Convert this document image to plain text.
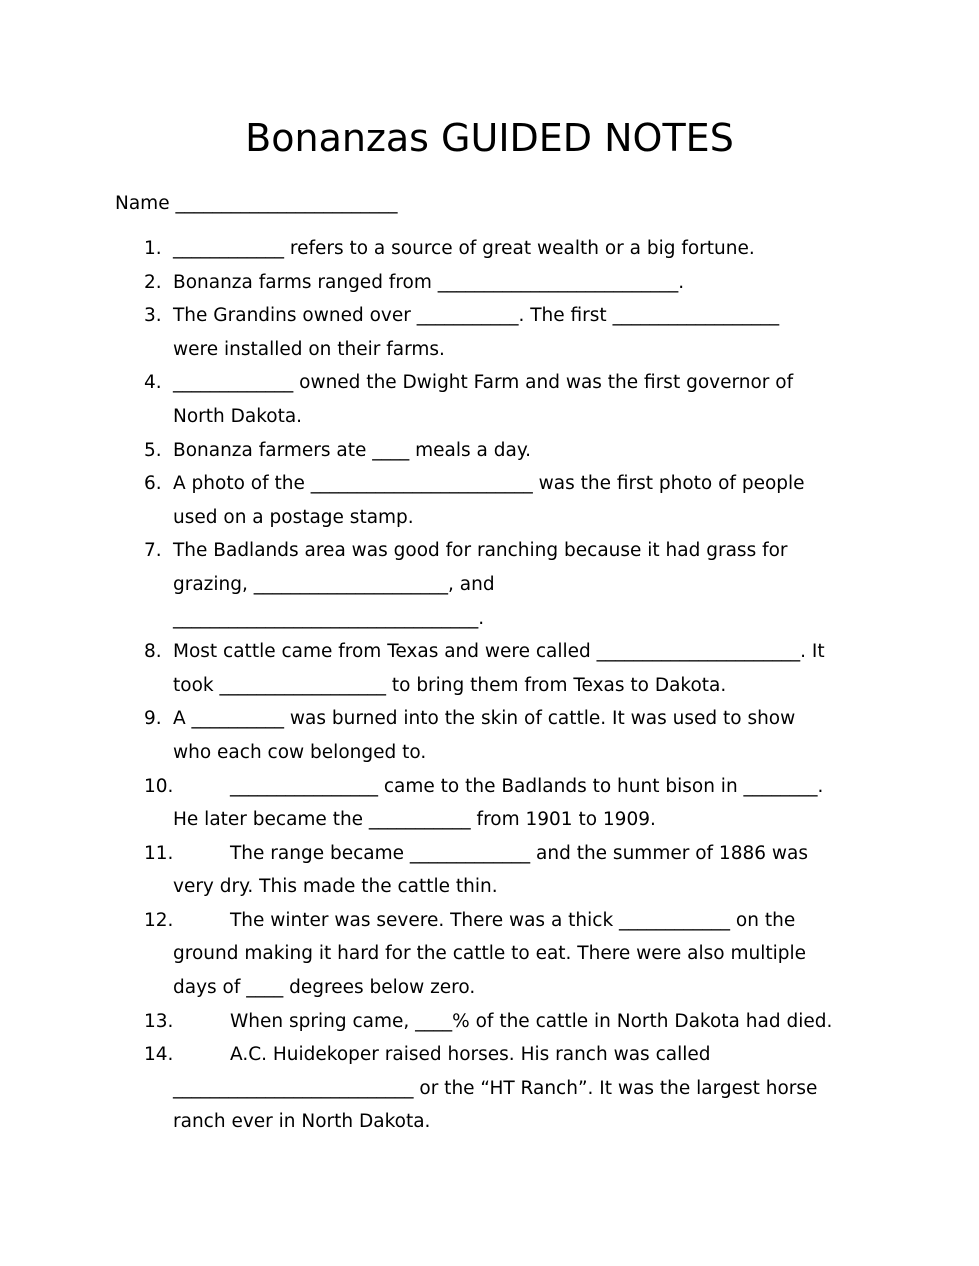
Bonanzas GUIDED NOTES
Name ________________________
1. ____________ refers to a source of great wealth or a big fortune.
2. Bonanza farms ranged from __________________________.
3. The Grandins owned over ___________. The first __________________
were installed on their farms.
4. _____________ owned the Dwight Farm and was the first governor of
North Dakota.
5. Bonanza farmers ate ____ meals a day.
6. A photo of the ________________________ was the first photo of people
used on a postage stamp.
7. The Badlands area was good for ranching because it had grass for
grazing, _____________________, and
_________________________________.
8. Most cattle came from Texas and were called ______________________. It
took __________________ to bring them from Texas to Dakota.
9. A __________ was burned into the skin of cattle. It was used to show
who each cow belonged to.
10.	________________ came to the Badlands to hunt bison in ________.
He later became the ___________ from 1901 to 1909.
11.	The range became _____________ and the summer of 1886 was
very dry. This made the cattle thin.
12.	The winter was severe. There was a thick ____________ on the
ground making it hard for the cattle to eat. There were also multiple
days of ____ degrees below zero.
13.	When spring came, ____% of the cattle in North Dakota had died.
14.	A.C. Huidekoper raised horses. His ranch was called
__________________________ or the “HT Ranch”. It was the largest horse
ranch ever in North Dakota.
